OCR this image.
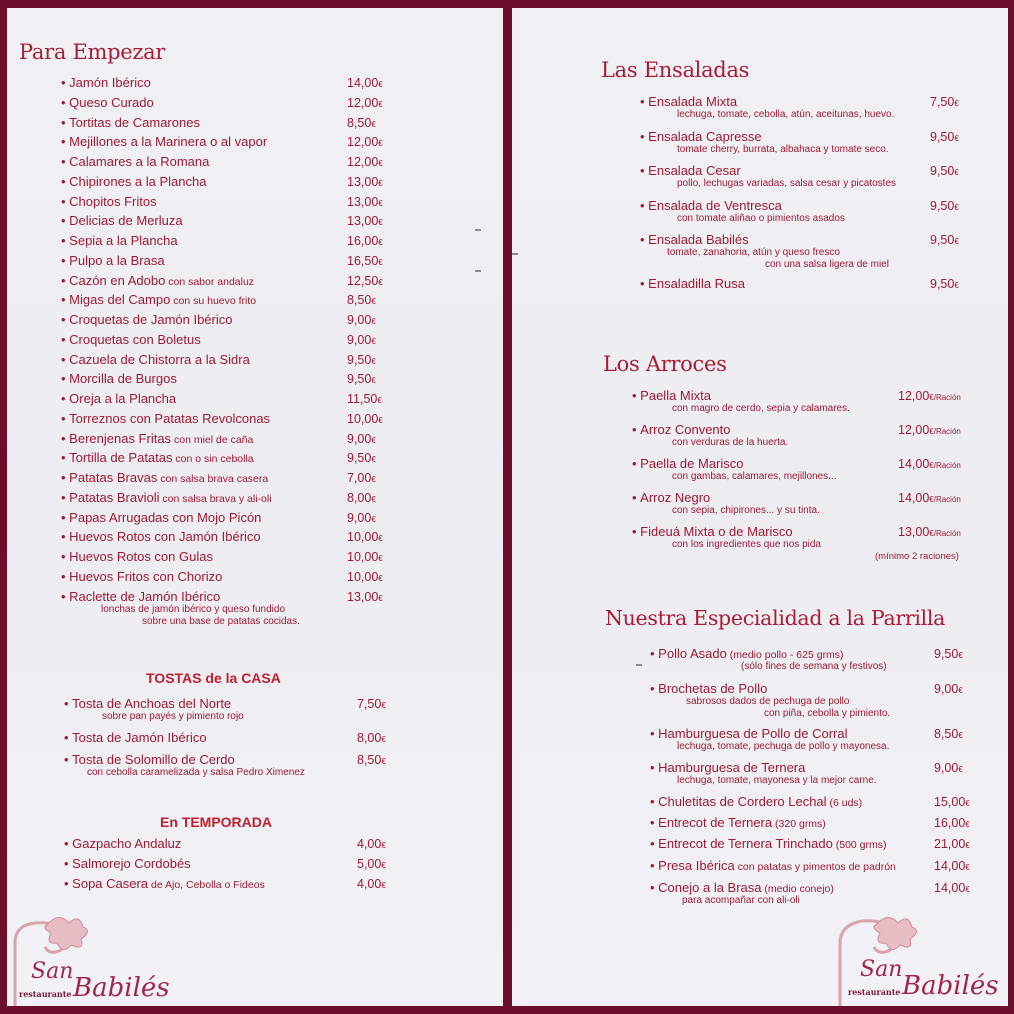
Para Empezar
• Jamón Ibérico	14,00€
• Queso Curado	12,00€
• Tortitas de Camarones	8,50€
• Mejillones a la Marinera o al vapor	12,00€
• Calamares a la Romana	12,00€
• Chipirones a la Plancha	13,00€
• Chopitos Fritos	13,00€
• Delicias de Merluza	13,00€
• Sepia a la Plancha	16,00€
• Pulpo a la Brasa	16,50€
• Cazón en Adobo con sabor andaluz	12,50€
• Migas del Campo con su huevo frito	8,50€
• Croquetas de Jamón Ibérico	9,00€
• Croquetas con Boletus	9,00€
• Cazuela de Chistorra a la Sidra	9,50€
• Morcilla de Burgos	9,50€
• Oreja a la Plancha	11,50€
• Torreznos con Patatas Revolconas	10,00€
• Berenjenas Fritas con miel de caña	9,00€
• Tortilla de Patatas con o sin cebolla	9,50€
• Patatas Bravas con salsa brava casera	7,00€
• Patatas Bravioli con salsa brava y ali-oli	8,00€
• Papas Arrugadas con Mojo Picón	9,00€
• Huevos Rotos con Jamón Ibérico	10,00€
• Huevos Rotos con Gulas	10,00€
• Huevos Fritos con Chorizo	10,00€
• Raclette de Jamón Ibérico	13,00€
lonchas de jamón ibérico y queso fundido
sobre una base de patatas cocidas.
TOSTAS de la CASA
• Tosta de Anchoas del Norte	7,50€
sobre pan payés y pimiento rojo
• Tosta de Jamón Ibérico	8,00€
• Tosta de Solomillo de Cerdo	8,50€
con cebolla caramelizada y salsa Pedro Ximenez
En TEMPORADA
• Gazpacho Andaluz	4,00€
• Salmorejo Cordobés	5,00€
• Sopa Casera de Ajo, Cebolla o Fideos	4,00€
San
restaurante Babilés
Las Ensaladas
• Ensalada Mixta	7,50€
lechuga, tomate, cebolla, atún, aceitunas, huevo.
• Ensalada Capresse	9,50€
tomate cherry, burrata, albahaca y tomate seco.
• Ensalada Cesar	9,50€
pollo, lechugas variadas, salsa cesar y picatostes
• Ensalada de Ventresca	9,50€
con tomate aliñao o pimientos asados
• Ensalada Babilés	9,50€
tomate, zanahoria, atún y queso fresco
con una salsa ligera de miel
• Ensaladilla Rusa	9,50€
Los Arroces
• Paella Mixta	12,00€/Ración
con magro de cerdo, sepia y calamares.
• Arroz Convento	12,00€/Ración
con verduras de la huerta.
• Paella de Marisco	14,00€/Ración
con gambas, calamares, mejillones...
• Arroz Negro	14,00€/Ración
con sepia, chipirones... y su tinta.
• Fideuá Mixta o de Marisco	13,00€/Ración
con los ingredientes que nos pida
(mínimo 2 raciones)
Nuestra Especialidad a la Parrilla
• Pollo Asado (medio pollo - 625 grms)	9,50€
(sólo fines de semana y festivos)
• Brochetas de Pollo	9,00€
sabrosos dados de pechuga de pollo
con piña, cebolla y pimiento.
• Hamburguesa de Pollo de Corral	8,50€
lechuga, tomate, pechuga de pollo y mayonesa.
• Hamburguesa de Ternera	9,00€
lechuga, tomate, mayonesa y la mejor carne.
• Chuletitas de Cordero Lechal (6 uds)	15,00€
• Entrecot de Ternera (320 grms)	16,00€
• Entrecot de Ternera Trinchado (500 grms)	21,00€
• Presa Ibérica con patatas y pimentos de padrón	14,00€
• Conejo a la Brasa (medio conejo)	14,00€
para acompañar con ali-oli
San
restaurante Babilés
